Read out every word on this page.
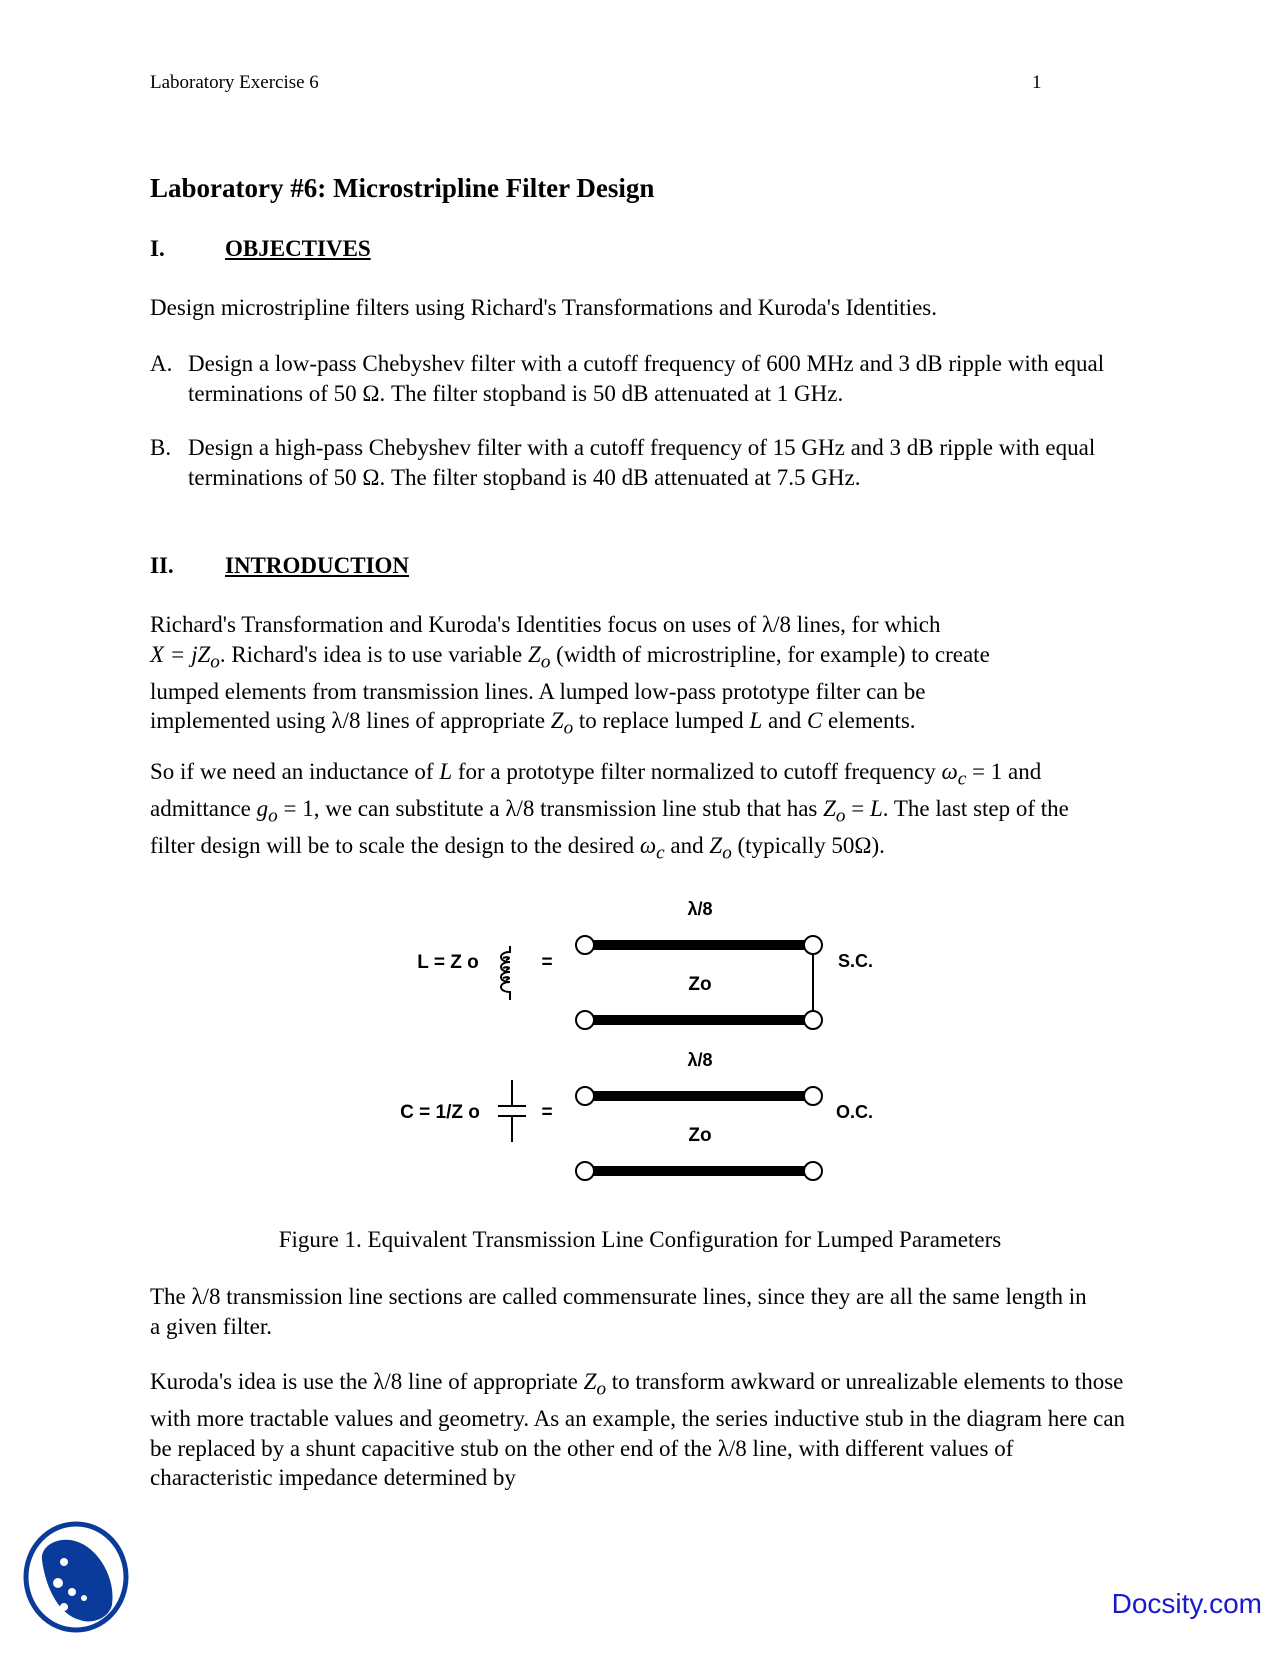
Laboratory Exercise 6	1
Laboratory #6: Microstripline Filter Design
I.	OBJECTIVES
Design microstripline filters using Richard's Transformations and Kuroda's Identities.
A. Design a low-pass Chebyshev filter with a cutoff frequency of 600 MHz and 3 dB ripple with equal terminations of 50 Ω. The filter stopband is 50 dB attenuated at 1 GHz.
B. Design a high-pass Chebyshev filter with a cutoff frequency of 15 GHz and 3 dB ripple with equal terminations of 50 Ω. The filter stopband is 40 dB attenuated at 7.5 GHz.
II. INTRODUCTION
Richard's Transformation and Kuroda's Identities focus on uses of λ/8 lines, for which
$X = jZ_o$. Richard's idea is to use variable $Z_o$ (width of microstripline, for example) to create lumped elements from transmission lines. A lumped low-pass prototype filter can be implemented using λ/8 lines of appropriate $Z_o$ to replace lumped L and C elements.
So if we need an inductance of L for a prototype filter normalized to cutoff frequency $\omega_c = 1$ and admittance $g_o = 1$, we can substitute a λ/8 transmission line stub that has $Z_o = L$. The last step of the filter design will be to scale the design to the desired $\omega_c$ and $Z_o$ (typically 50Ω).
L = Z o	=
λ/8
Zo
S.C.
C = 1/Z o	=
λ/8
Zo
O.C.
Figure 1. Equivalent Transmission Line Configuration for Lumped Parameters
The λ/8 transmission line sections are called commensurate lines, since they are all the same length in a given filter.
Kuroda's idea is use the λ/8 line of appropriate $Z_o$ to transform awkward or unrealizable elements to those with more tractable values and geometry. As an example, the series inductive stub in the diagram here can be replaced by a shunt capacitive stub on the other end of the λ/8 line, with different values of characteristic impedance determined by
Docsity.com
